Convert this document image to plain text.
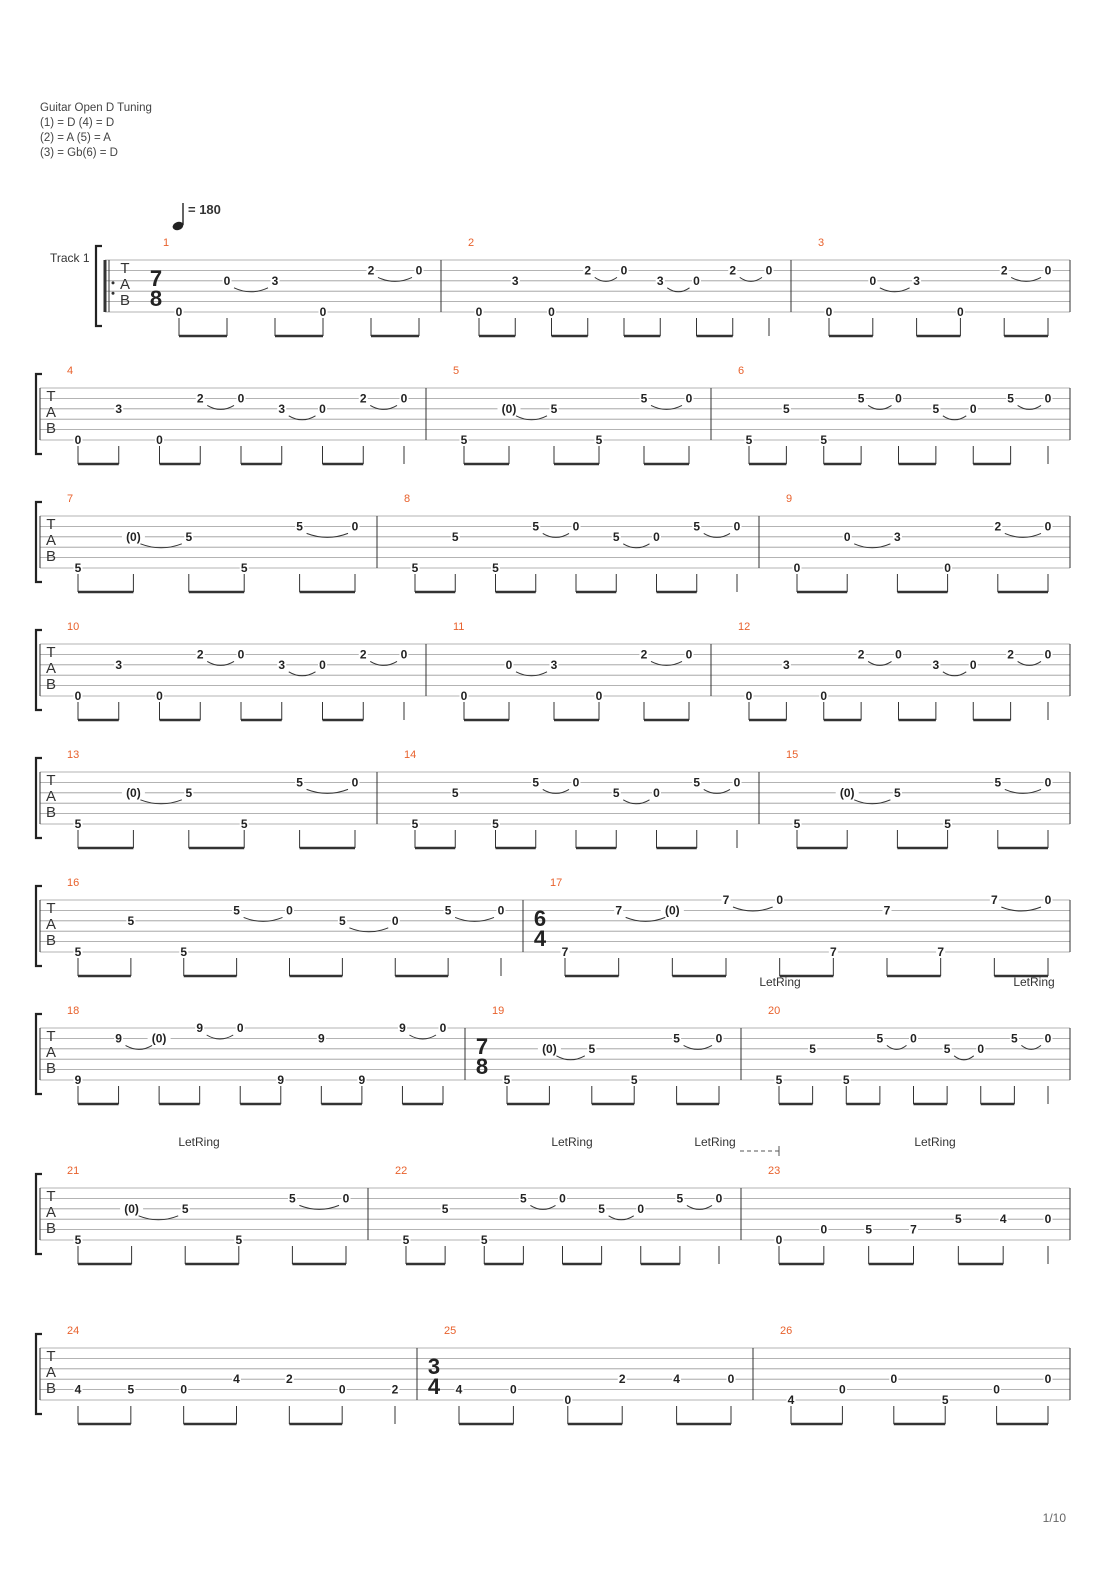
Guitar Open D Tuning
(1) = D (4) = D
(2) = A (5) = A
(3) = Gb(6) = D
= 180
Track 1
T
A
B
1
7
8
0
0	3
0
2	0
2
0
3
0
2 0
3 0
2 0
3
0
0	3
0
2	0
T
A
B
4
0
3
0
2	0
3	0
2	0
5
5
(0)	5
5
5	0
6
5
5
5
5	0
5	0
5	0
T
A
B
7
5
(0)	5
5
5	0
8
5
5
5
5	0
5	0
5	0
9
0
0	3
0
2	0
T
A
B
10
0
3
0
2	0
3	0
2	0
11
0
0	3
0
2	0
12
0
3
0
2	0
3	0
2	0
T
A
B
13
5
(0)	5
5
5	0
14
5
5
5
5	0
5	0
5	0
15
5
(0)	5
5
5	0
T
A
B
16
5
5
5
5	0
5	0
5	0
17
6
4
7
7	(0)
7	0
7
7
7
7	0
T
A
B
18
9
9 (0)
9	0
9
9
9
9	0
19
7
8
5
(0)	5
5
5	0
20
5
5
5
5 0
5 0
5 0
T
A
B
21
5
(0)	5
5
5	0
22
5
5
5
5	0
5	0
5	0
23
0
0	5	7
5	4	0
T
A
B
24
4	5	0
4	2
0	2
25
3
4 4	0
0
2	4	0
26
4
0
0
5
0
0
LetRing	LetRing
LetRing	LetRing	LetRing	LetRing
1/10
